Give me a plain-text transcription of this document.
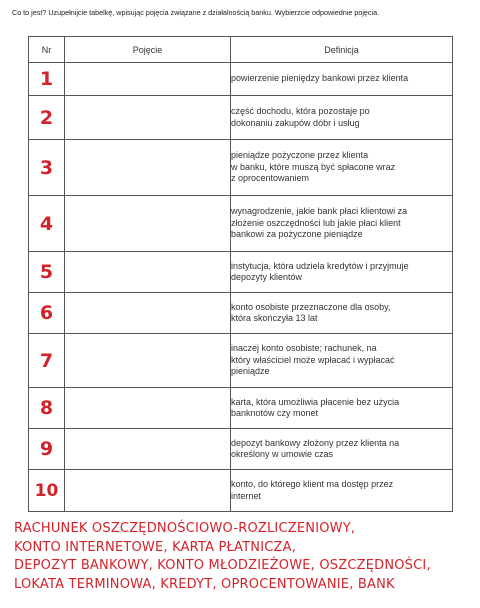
Co to jest? Uzupełnijcie tabelkę, wpisując pojęcia związane z działalnością banku. Wybierzcie odpowiednie pojęcia.
Nr	Pojęcie	Definicja
1		powierzenie pieniędzy bankowi przez klienta

2		część dochodu, która pozostaje po
dokonaniu zakupów dóbr i usług

3		pieniądze pożyczone przez klienta
w banku, które muszą być spłacone wraz
z oprocentowaniem

4		wynagrodzenie, jakie bank płaci klientowi za
złożenie oszczędności lub jakie płaci klient
bankowi za pożyczone pieniądze

5		instytucja, która udziela kredytów i przyjmuje
depozyty klientów

6		konto osobiste przeznaczone dla osoby,
która skończyła 13 lat

7		inaczej konto osobiste; rachunek, na
który właściciel może wpłacać i wypłacać
pieniądze

8		karta, która umożliwia płacenie bez użycia
banknotów czy monet

9		depozyt bankowy złożony przez klienta na
określony w umowie czas

10		konto, do którego klient ma dostęp przez
internet
RACHUNEK OSZCZĘDNOŚCIOWO-ROZLICZENIOWY,
KONTO INTERNETOWE, KARTA PŁATNICZA,
DEPOZYT BANKOWY, KONTO MŁODZIEŻOWE, OSZCZĘDNOŚCI,
LOKATA TERMINOWA, KREDYT, OPROCENTOWANIE, BANK
